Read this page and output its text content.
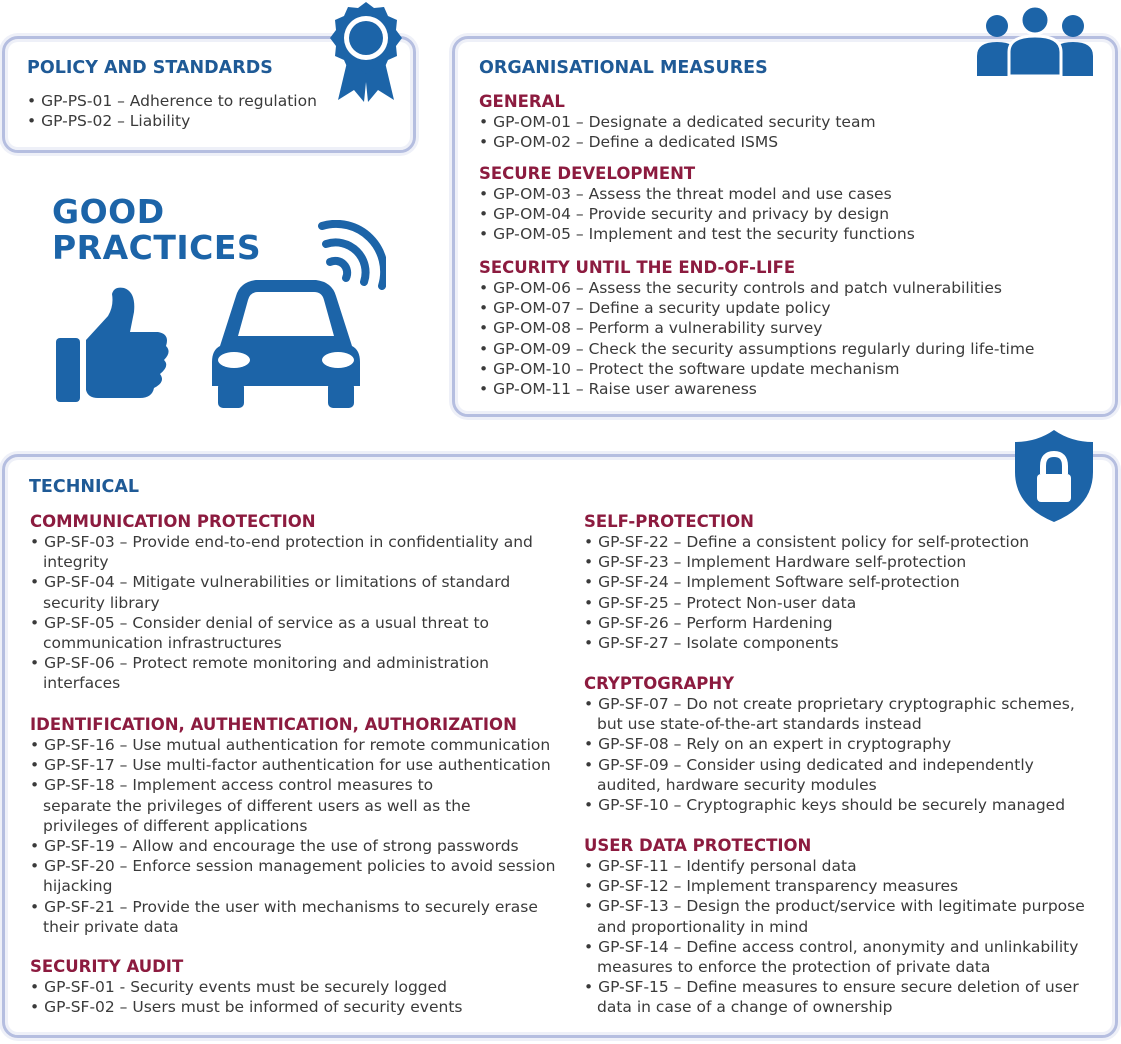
POLICY AND STANDARDS
• GP-PS-01 – Adherence to regulation
• GP-PS-02 – Liability
ORGANISATIONAL MEASURES
GENERAL
• GP-OM-01 – Designate a dedicated security team
• GP-OM-02 – Define a dedicated ISMS
SECURE DEVELOPMENT
• GP-OM-03 – Assess the threat model and use cases
• GP-OM-04 – Provide security and privacy by design
• GP-OM-05 – Implement and test the security functions
SECURITY UNTIL THE END-OF-LIFE
• GP-OM-06 – Assess the security controls and patch vulnerabilities
• GP-OM-07 – Define a security update policy
• GP-OM-08 – Perform a vulnerability survey
• GP-OM-09 – Check the security assumptions regularly during life-time
• GP-OM-10 – Protect the software update mechanism
• GP-OM-11 – Raise user awareness
GOOD
PRACTICES
TECHNICAL
COMMUNICATION PROTECTION
• GP-SF-03 – Provide end-to-end protection in confidentiality and integrity
• GP-SF-04 – Mitigate vulnerabilities or limitations of standard security library
• GP-SF-05 – Consider denial of service as a usual threat to communication infrastructures
• GP-SF-06 – Protect remote monitoring and administration interfaces
IDENTIFICATION, AUTHENTICATION, AUTHORIZATION
• GP-SF-16 – Use mutual authentication for remote communication
• GP-SF-17 – Use multi-factor authentication for use authentication
• GP-SF-18 – Implement access control measures to separate the privileges of different users as well as the privileges of different applications
• GP-SF-19 – Allow and encourage the use of strong passwords
• GP-SF-20 – Enforce session management policies to avoid session hijacking
• GP-SF-21 – Provide the user with mechanisms to securely erase their private data
SECURITY AUDIT
• GP-SF-01 - Security events must be securely logged
• GP-SF-02 – Users must be informed of security events
SELF-PROTECTION
• GP-SF-22 – Define a consistent policy for self-protection
• GP-SF-23 – Implement Hardware self-protection
• GP-SF-24 – Implement Software self-protection
• GP-SF-25 – Protect Non-user data
• GP-SF-26 – Perform Hardening
• GP-SF-27 – Isolate components
CRYPTOGRAPHY
• GP-SF-07 – Do not create proprietary cryptographic schemes, but use state-of-the-art standards instead
• GP-SF-08 – Rely on an expert in cryptography
• GP-SF-09 – Consider using dedicated and independently audited, hardware security modules
• GP-SF-10 – Cryptographic keys should be securely managed
USER DATA PROTECTION
• GP-SF-11 – Identify personal data
• GP-SF-12 – Implement transparency measures
• GP-SF-13 – Design the product/service with legitimate purpose and proportionality in mind
• GP-SF-14 – Define access control, anonymity and unlinkability measures to enforce the protection of private data
• GP-SF-15 – Define measures to ensure secure deletion of user data in case of a change of ownership
